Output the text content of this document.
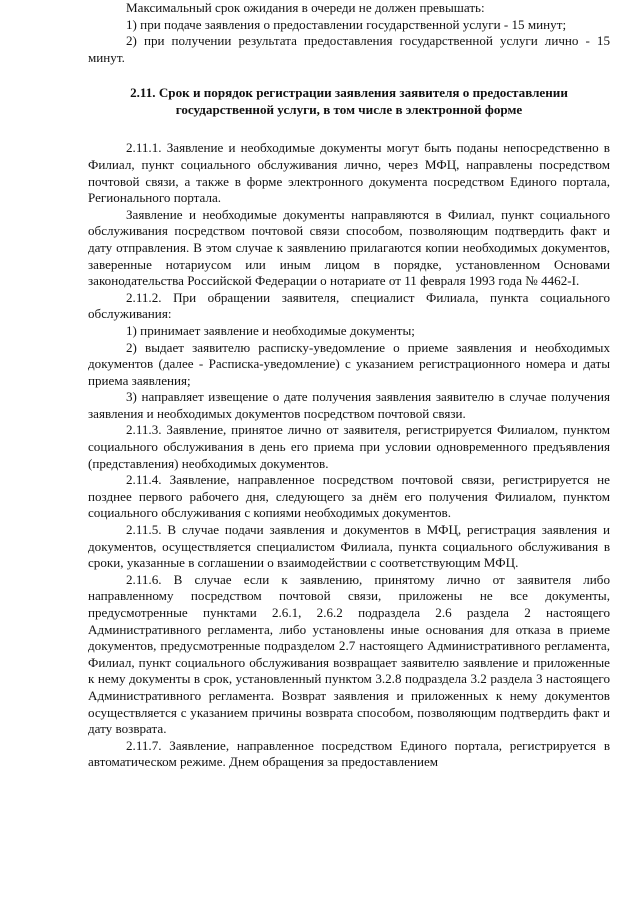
Максимальный срок ожидания в очереди не должен превышать:

1) при подаче заявления о предоставлении государственной услуги - 15 минут;

2) при получении результата предоставления государственной услуги лично - 15 минут.

2.11. Срок и порядок регистрации заявления заявителя о предоставлении государственной услуги, в том числе в электронной форме

2.11.1. Заявление и необходимые документы могут быть поданы непосредственно в Филиал, пункт социального обслуживания лично, через МФЦ, направлены посредством почтовой связи, а также в форме электронного документа посредством Единого портала, Регионального портала.

Заявление и необходимые документы направляются в Филиал, пункт социального обслуживания посредством почтовой связи способом, позволяющим подтвердить факт и дату отправления. В этом случае к заявлению прилагаются копии необходимых документов, заверенные нотариусом или иным лицом в порядке, установленном Основами законодательства Российской Федерации о нотариате от 11 февраля 1993 года № 4462-I.

2.11.2. При обращении заявителя, специалист Филиала, пункта социального обслуживания:

1) принимает заявление и необходимые документы;

2) выдает заявителю расписку-уведомление о приеме заявления и необходимых документов (далее - Расписка-уведомление) с указанием регистрационного номера и даты приема заявления;

3) направляет извещение о дате получения заявления заявителю в случае получения заявления и необходимых документов посредством почтовой связи.

2.11.3. Заявление, принятое лично от заявителя, регистрируется Филиалом, пунктом социального обслуживания в день его приема при условии одновременного предъявления (представления) необходимых документов.

2.11.4. Заявление, направленное посредством почтовой связи, регистрируется не позднее первого рабочего дня, следующего за днём его получения Филиалом, пунктом социального обслуживания с копиями необходимых документов.

2.11.5. В случае подачи заявления и документов в МФЦ, регистрация заявления и документов, осуществляется специалистом Филиала, пункта социального обслуживания в сроки, указанные в соглашении о взаимодействии с соответствующим МФЦ.

2.11.6. В случае если к заявлению, принятому лично от заявителя либо направленному посредством почтовой связи, приложены не все документы, предусмотренные пунктами 2.6.1, 2.6.2 подраздела 2.6 раздела 2 настоящего Административного регламента, либо установлены иные основания для отказа в приеме документов, предусмотренные подразделом 2.7 настоящего Административного регламента, Филиал, пункт социального обслуживания возвращает заявителю заявление и приложенные к нему документы в срок, установленный пунктом 3.2.8 подраздела 3.2 раздела 3 настоящего Административного регламента. Возврат заявления и приложенных к нему документов осуществляется с указанием причины возврата способом, позволяющим подтвердить факт и дату возврата.

2.11.7. Заявление, направленное посредством Единого портала, регистрируется в автоматическом режиме. Днем обращения за предоставлением
